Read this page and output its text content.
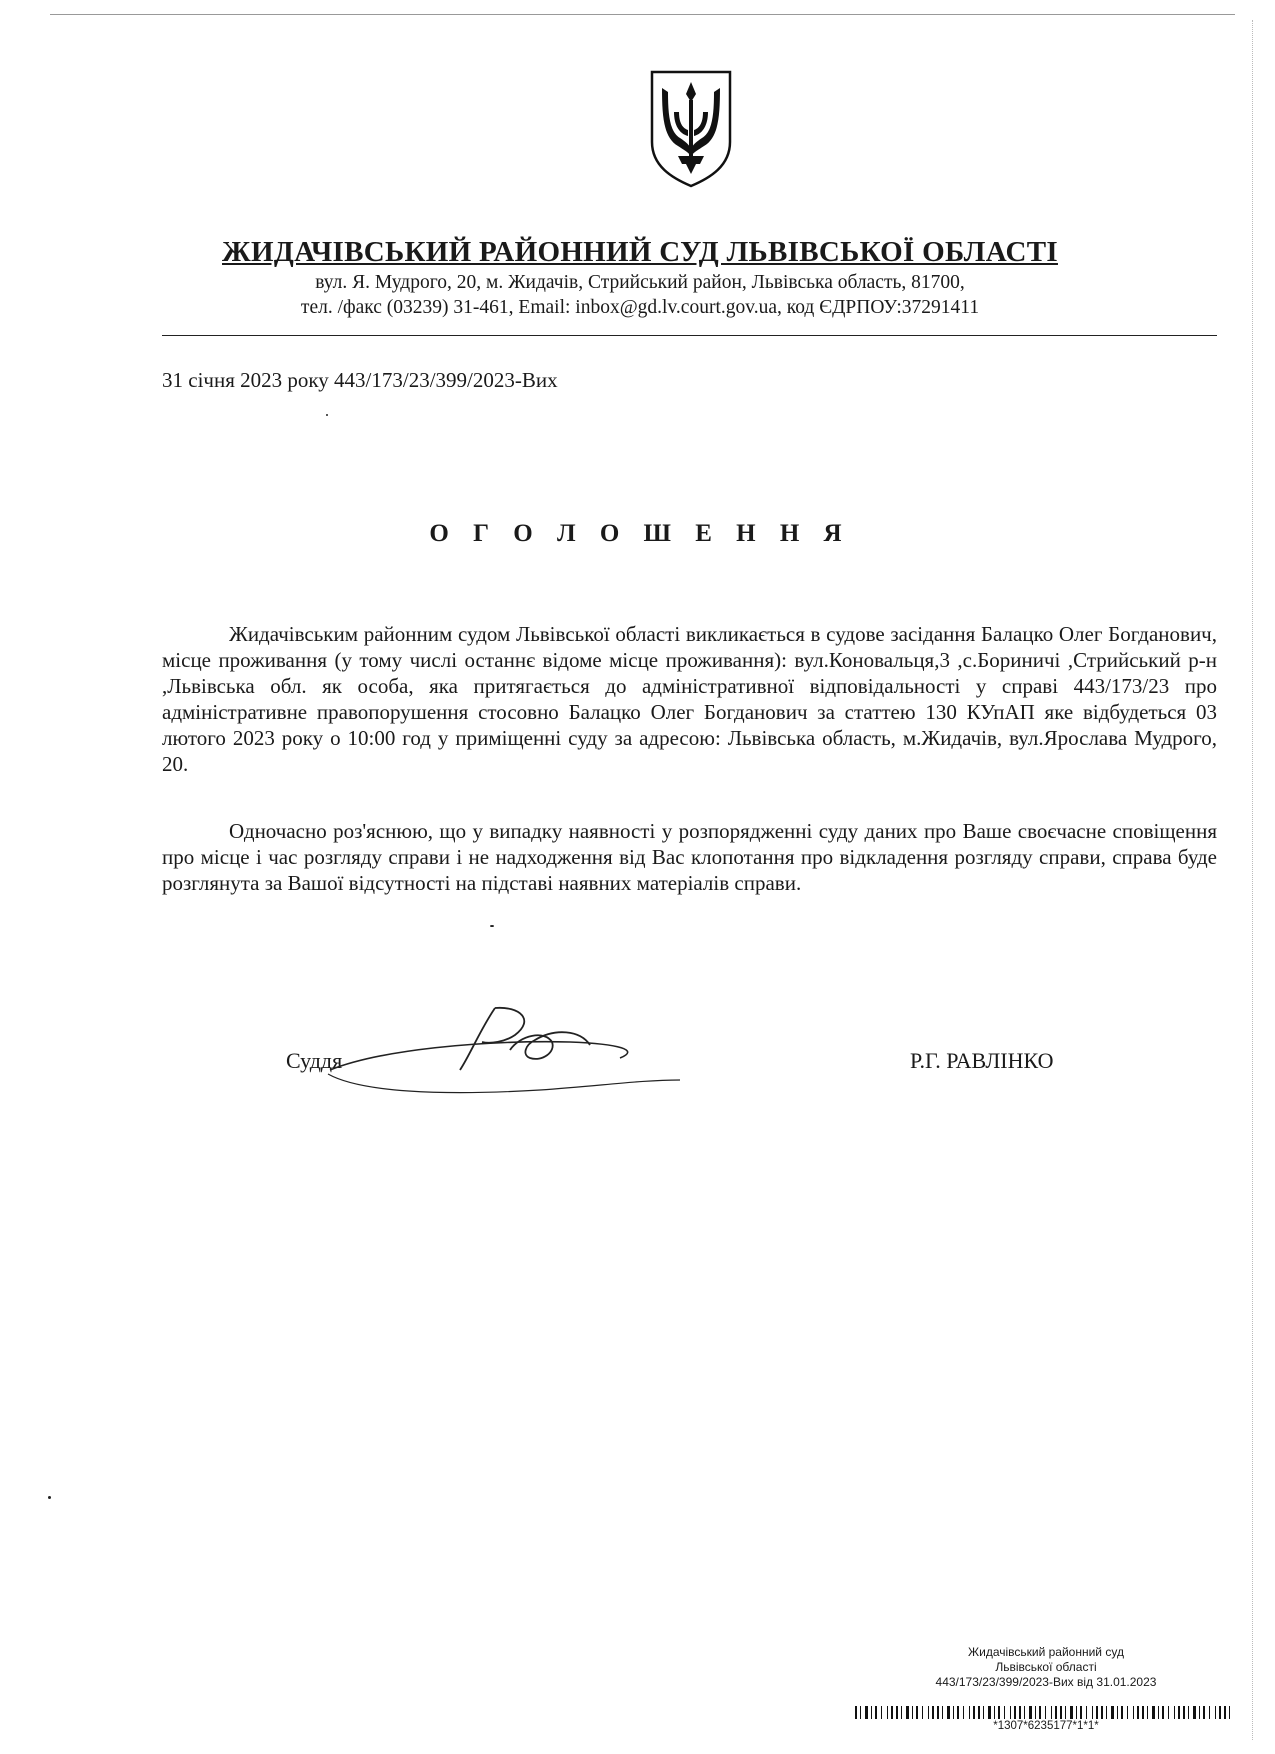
ЖИДАЧІВСЬКИЙ РАЙОННИЙ СУД ЛЬВІВСЬКОЇ ОБЛАСТІ
вул. Я. Мудрого, 20, м. Жидачів, Стрийський район, Львівська область, 81700,
тел. /факс (03239) 31-461, Email: inbox@gd.lv.court.gov.ua, код ЄДРПОУ:37291411
31 січня 2023 року 443/173/23/399/2023-Вих
О Г О Л О Ш Е Н Н Я
Жидачівським районним судом Львівської області викликається в судове засідання Балацко Олег Богданович, місце проживання (у тому числі останнє відоме місце проживання): вул.Коновальця,3 ,с.Бориничі ,Стрийський р-н ,Львівська обл. як особа, яка притягається до адміністративної відповідальності у справі 443/173/23 про адміністративне правопорушення стосовно Балацко Олег Богданович за статтею 130 КУпАП яке відбудеться 03 лютого 2023 року о 10:00 год у приміщенні суду за адресою: Львівська область, м.Жидачів, вул.Ярослава Мудрого, 20.
Одночасно роз'яснюю, що у випадку наявності у розпорядженні суду даних про Ваше своєчасне сповіщення про місце і час розгляду справи і не надходження від Вас клопотання про відкладення розгляду справи, справа буде розглянута за Вашої відсутності на підставі наявних матеріалів справи.
Суддя	Р.Г. РАВЛІНКО
Жидачівський районний суд
Львівської області
443/173/23/399/2023-Вих від 31.01.2023
*1307*6235177*1*1*
